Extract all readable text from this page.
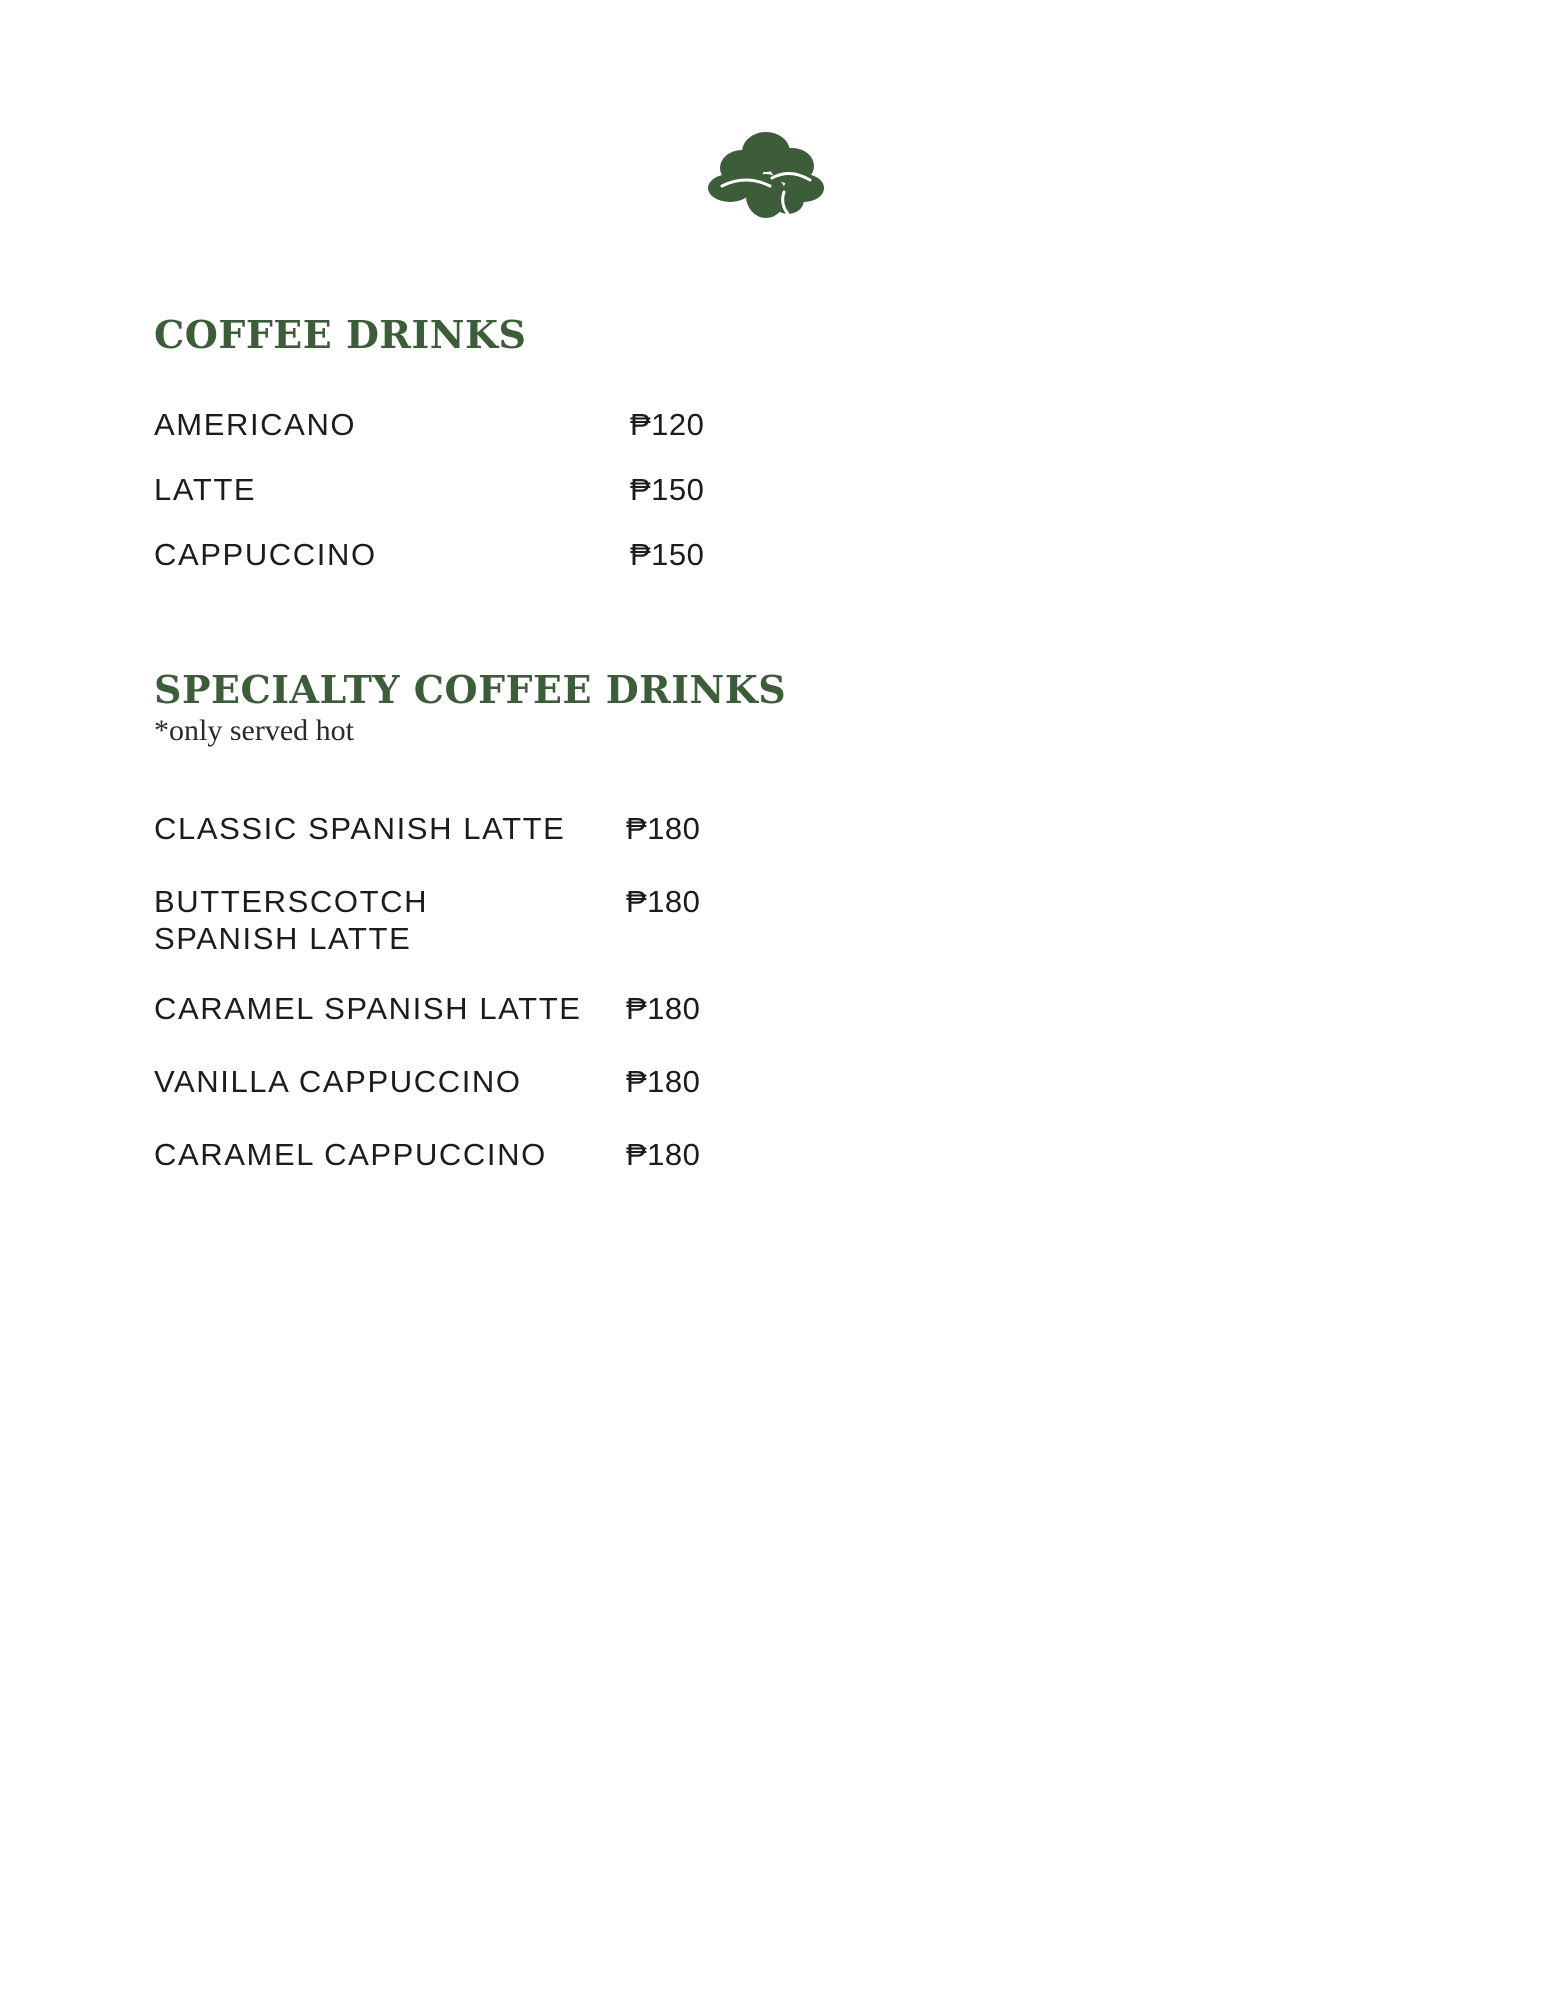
COFFEE DRINKS
AMERICANO	₱120
LATTE	₱150
CAPPUCCINO	₱150
SPECIALTY COFFEE DRINKS

*only served hot

CLASSIC SPANISH LATTE	₱180
BUTTERSCOTCH
SPANISH LATTE
₱180
CARAMEL SPANISH LATTE	₱180
VANILLA CAPPUCCINO	₱180
CARAMEL CAPPUCCINO	₱180
